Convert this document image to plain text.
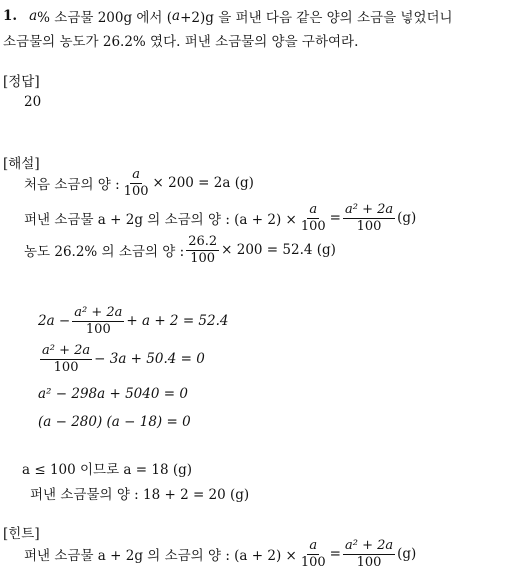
1. a % 소금물 200g 에서 ( a +2)g 을 퍼낸 다음 같은 양의 소금을 넣었더니
소금물의 농도가 26.2% 였다. 퍼낸 소금물의 양을 구하여라.
[정답]
20
[해설]
처음 소금의 양 : $\frac{a}{100} \times 200 = 2a$ (g)
퍼낸 소금물 a + 2g 의 소금의 양 : $(a + 2) \times \frac{a}{100} = \frac{\text{a² + 2a}}{100} (g)$
농도 26.2% 의 소금의 양 : $\frac{26.2}{100} \times 200 = 52.4$ (g)
$2a - \frac{\text{a² + 2a}}{100} + a + 2 = 52.4$
$\frac{\text{a² + 2a}}{100} - 3a + 50.4 = 0$
a² − 298a + 5040 = 0
(a − 280) (a − 18) = 0
a ≤ 100 이므로 a = 18 (g)
퍼낸 소금물의 양 : 18 + 2 = 20 (g)
[힌트]
퍼낸 소금물 a + 2g 의 소금의 양 : $(a + 2) \times \frac{a}{100} = \frac{\text{a² + 2a}}{100} (g)$
